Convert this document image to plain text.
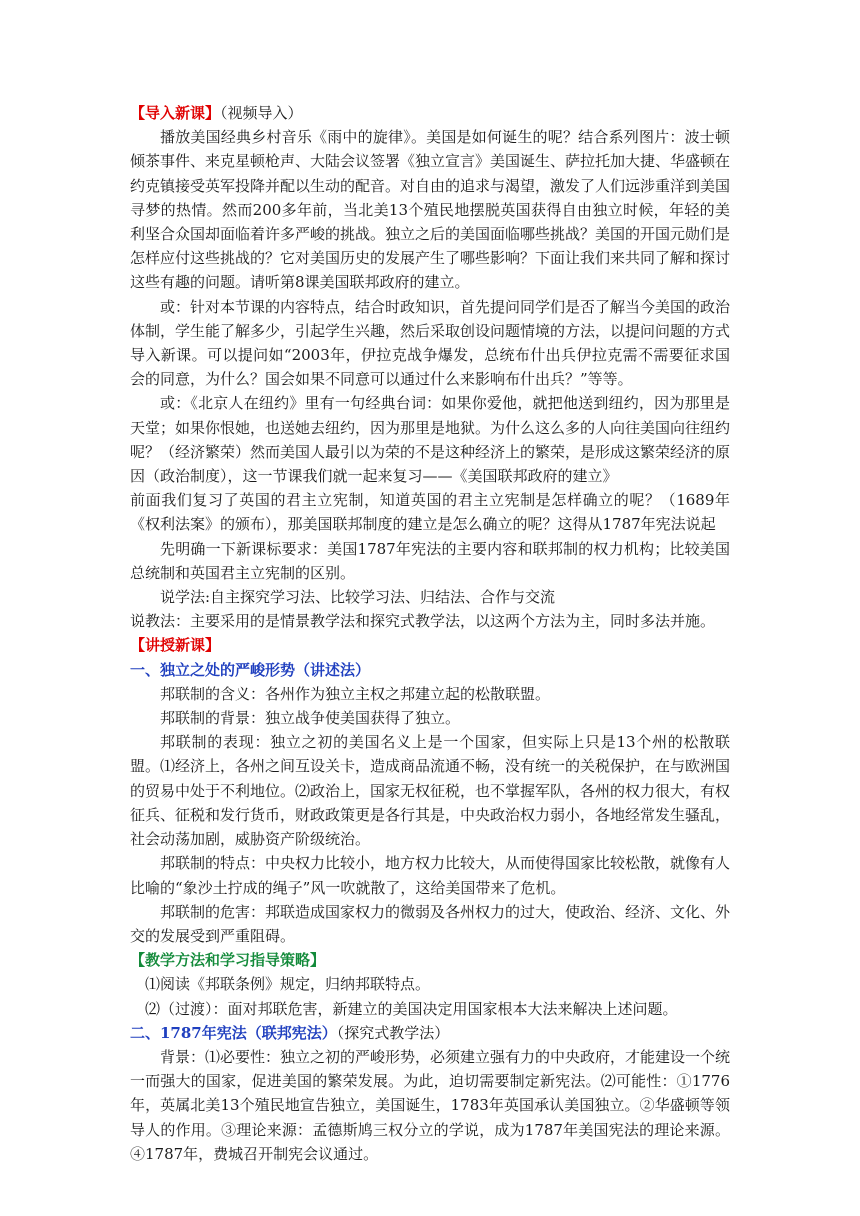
【导入新课】（视频导入）

播放美国经典乡村音乐《雨中的旋律》。美国是如何诞生的呢？结合系列图片：波士顿倾茶事件、来克星顿枪声、大陆会议签署《独立宣言》美国诞生、萨拉托加大捷、华盛顿在约克镇接受英军投降并配以生动的配音。对自由的追求与渴望，激发了人们远涉重洋到美国寻梦的热情。然而200多年前，当北美13个殖民地摆脱英国获得自由独立时候，年轻的美利坚合众国却面临着许多严峻的挑战。独立之后的美国面临哪些挑战？美国的开国元勋们是怎样应付这些挑战的？它对美国历史的发展产生了哪些影响？下面让我们来共同了解和探讨这些有趣的问题。请听第8课美国联邦政府的建立。

或：针对本节课的内容特点，结合时政知识，首先提问同学们是否了解当今美国的政治体制，学生能了解多少，引起学生兴趣，然后采取创设问题情境的方法，以提问问题的方式导入新课。可以提问如“2003年，伊拉克战争爆发，总统布什出兵伊拉克需不需要征求国会的同意，为什么？国会如果不同意可以通过什么来影响布什出兵？”等等。

或：《北京人在纽约》里有一句经典台词：如果你爱他，就把他送到纽约，因为那里是天堂；如果你恨她，也送她去纽约，因为那里是地狱。为什么这么多的人向往美国向往纽约呢？（经济繁荣）然而美国人最引以为荣的不是这种经济上的繁荣，是形成这繁荣经济的原因（政治制度），这一节课我们就一起来复习——《美国联邦政府的建立》

前面我们复习了英国的君主立宪制，知道英国的君主立宪制是怎样确立的呢？（1689年《权利法案》的颁布），那美国联邦制度的建立是怎么确立的呢？这得从1787年宪法说起

先明确一下新课标要求：美国1787年宪法的主要内容和联邦制的权力机构；比较美国总统制和英国君主立宪制的区别。

说学法:自主探究学习法、比较学习法、归结法、合作与交流

说教法：主要采用的是情景教学法和探究式教学法，以这两个方法为主，同时多法并施。

【讲授新课】

一、独立之处的严峻形势（讲述法）

邦联制的含义：各州作为独立主权之邦建立起的松散联盟。

邦联制的背景：独立战争使美国获得了独立。

邦联制的表现：独立之初的美国名义上是一个国家，但实际上只是13个州的松散联盟。⑴经济上，各州之间互设关卡，造成商品流通不畅，没有统一的关税保护，在与欧洲国的贸易中处于不利地位。⑵政治上，国家无权征税，也不掌握军队，各州的权力很大，有权征兵、征税和发行货币，财政政策更是各行其是，中央政治权力弱小，各地经常发生骚乱，社会动荡加剧，威胁资产阶级统治。

邦联制的特点：中央权力比较小，地方权力比较大，从而使得国家比较松散，就像有人比喻的“象沙土拧成的绳子”风一吹就散了，这给美国带来了危机。

邦联制的危害：邦联造成国家权力的微弱及各州权力的过大，使政治、经济、文化、外交的发展受到严重阻碍。

【教学方法和学习指导策略】

⑴阅读《邦联条例》规定，归纳邦联特点。

⑵（过渡）：面对邦联危害，新建立的美国决定用国家根本大法来解决上述问题。

二、1787年宪法（联邦宪法）（探究式教学法）

背景：⑴必要性：独立之初的严峻形势，必须建立强有力的中央政府，才能建设一个统一而强大的国家，促进美国的繁荣发展。为此，迫切需要制定新宪法。⑵可能性：①1776年，英属北美13个殖民地宣告独立，美国诞生，1783年英国承认美国独立。②华盛顿等领导人的作用。③理论来源：孟德斯鸠三权分立的学说，成为1787年美国宪法的理论来源。④1787年，费城召开制宪会议通过。
